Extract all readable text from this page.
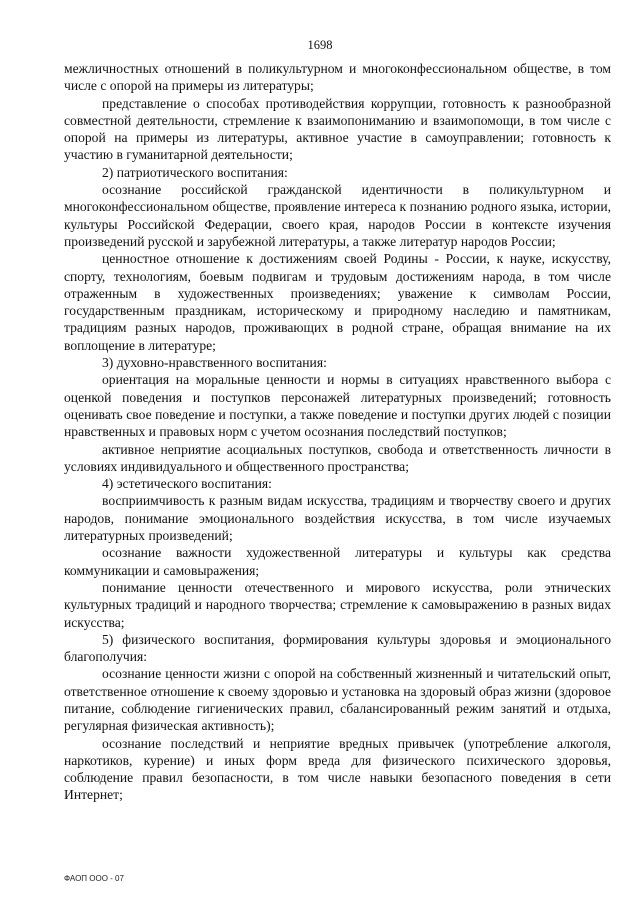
1698

межличностных отношений в поликультурном и многоконфессиональном обществе, в том числе с опорой на примеры из литературы;

представление о способах противодействия коррупции, готовность к разнообразной совместной деятельности, стремление к взаимопониманию и взаимопомощи, в том числе с опорой на примеры из литературы, активное участие в самоуправлении; готовность к участию в гуманитарной деятельности;

2) патриотического воспитания:

осознание российской гражданской идентичности в поликультурном и многоконфессиональном обществе, проявление интереса к познанию родного языка, истории, культуры Российской Федерации, своего края, народов России в контексте изучения произведений русской и зарубежной литературы, а также литератур народов России;

ценностное отношение к достижениям своей Родины - России, к науке, искусству, спорту, технологиям, боевым подвигам и трудовым достижениям народа, в том числе отраженным в художественных произведениях; уважение к символам России, государственным праздникам, историческому и природному наследию и памятникам, традициям разных народов, проживающих в родной стране, обращая внимание на их воплощение в литературе;

3) духовно-нравственного воспитания:

ориентация на моральные ценности и нормы в ситуациях нравственного выбора с оценкой поведения и поступков персонажей литературных произведений; готовность оценивать свое поведение и поступки, а также поведение и поступки других людей с позиции нравственных и правовых норм с учетом осознания последствий поступков;

активное неприятие асоциальных поступков, свобода и ответственность личности в условиях индивидуального и общественного пространства;

4) эстетического воспитания:

восприимчивость к разным видам искусства, традициям и творчеству своего и других народов, понимание эмоционального воздействия искусства, в том числе изучаемых литературных произведений;

осознание важности художественной литературы и культуры как средства коммуникации и самовыражения;

понимание ценности отечественного и мирового искусства, роли этнических культурных традиций и народного творчества; стремление к самовыражению в разных видах искусства;

5) физического воспитания, формирования культуры здоровья и эмоционального благополучия:

осознание ценности жизни с опорой на собственный жизненный и читательский опыт, ответственное отношение к своему здоровью и установка на здоровый образ жизни (здоровое питание, соблюдение гигиенических правил, сбалансированный режим занятий и отдыха, регулярная физическая активность);

осознание последствий и неприятие вредных привычек (употребление алкоголя, наркотиков, курение) и иных форм вреда для физического психического здоровья, соблюдение правил безопасности, в том числе навыки безопасного поведения в сети Интернет;

ФАОП ООО - 07
